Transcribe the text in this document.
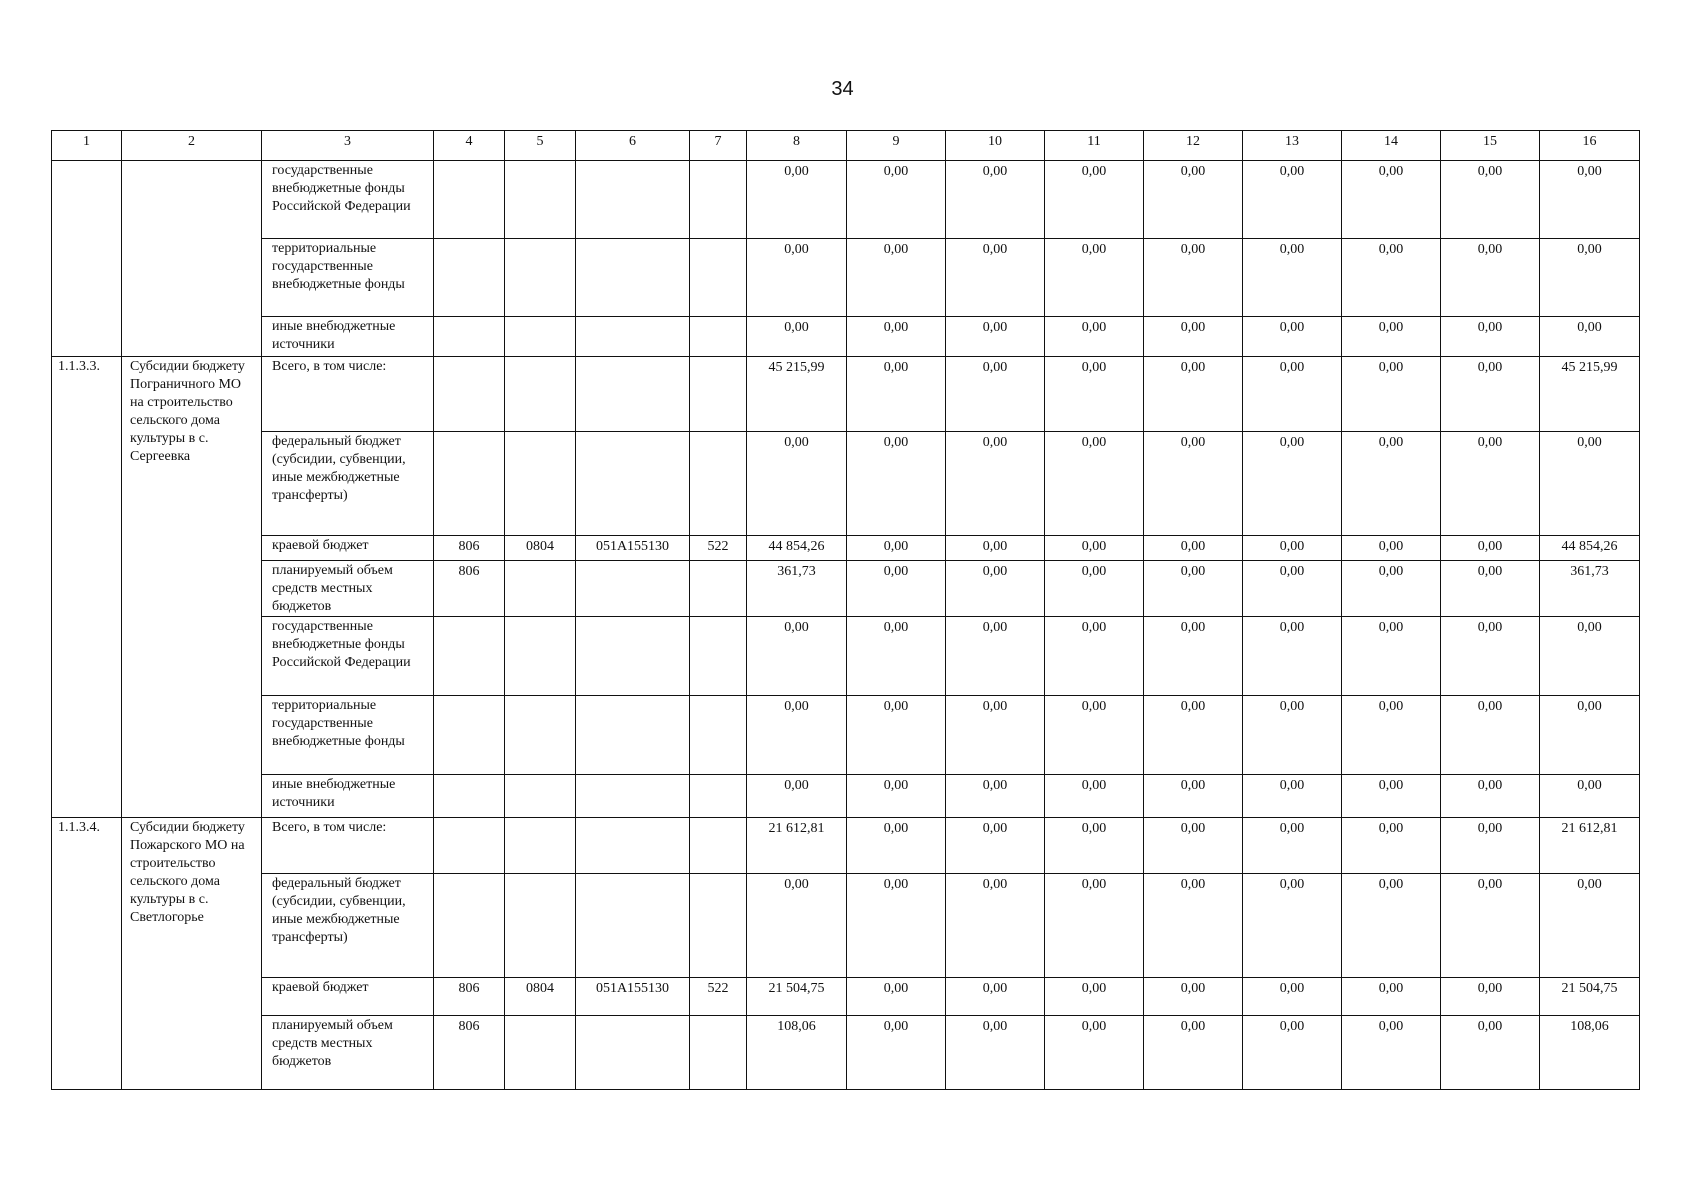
34
1	2	3	4	5	6	7	8	9	10	11	12	13	14	15	16
		государственные внебюджетные фонды Российской Федерации					0,00	0,00	0,00	0,00	0,00	0,00	0,00	0,00	0,00
		территориальные государственные внебюджетные фонды					0,00	0,00	0,00	0,00	0,00	0,00	0,00	0,00	0,00
		иные внебюджетные источники					0,00	0,00	0,00	0,00	0,00	0,00	0,00	0,00	0,00
1.1.3.3.	Субсидии бюджету Пограничного МО на строительство сельского дома культуры в с. Сергеевка	Всего, в том числе:					45 215,99	0,00	0,00	0,00	0,00	0,00	0,00	0,00	45 215,99
		федеральный бюджет (субсидии, субвенции, иные межбюджетные трансферты)					0,00	0,00	0,00	0,00	0,00	0,00	0,00	0,00	0,00
		краевой бюджет	806	0804	051А155130	522	44 854,26	0,00	0,00	0,00	0,00	0,00	0,00	0,00	44 854,26
		планируемый объем средств местных бюджетов	806				361,73	0,00	0,00	0,00	0,00	0,00	0,00	0,00	361,73
		государственные внебюджетные фонды Российской Федерации					0,00	0,00	0,00	0,00	0,00	0,00	0,00	0,00	0,00
		территориальные государственные внебюджетные фонды					0,00	0,00	0,00	0,00	0,00	0,00	0,00	0,00	0,00
		иные внебюджетные источники					0,00	0,00	0,00	0,00	0,00	0,00	0,00	0,00	0,00
1.1.3.4.	Субсидии бюджету Пожарского МО на строительство сельского дома культуры в с. Светлогорье	Всего, в том числе:					21 612,81	0,00	0,00	0,00	0,00	0,00	0,00	0,00	21 612,81
		федеральный бюджет (субсидии, субвенции, иные межбюджетные трансферты)					0,00	0,00	0,00	0,00	0,00	0,00	0,00	0,00	0,00
		краевой бюджет	806	0804	051А155130	522	21 504,75	0,00	0,00	0,00	0,00	0,00	0,00	0,00	21 504,75
		планируемый объем средств местных бюджетов	806				108,06	0,00	0,00	0,00	0,00	0,00	0,00	0,00	108,06
